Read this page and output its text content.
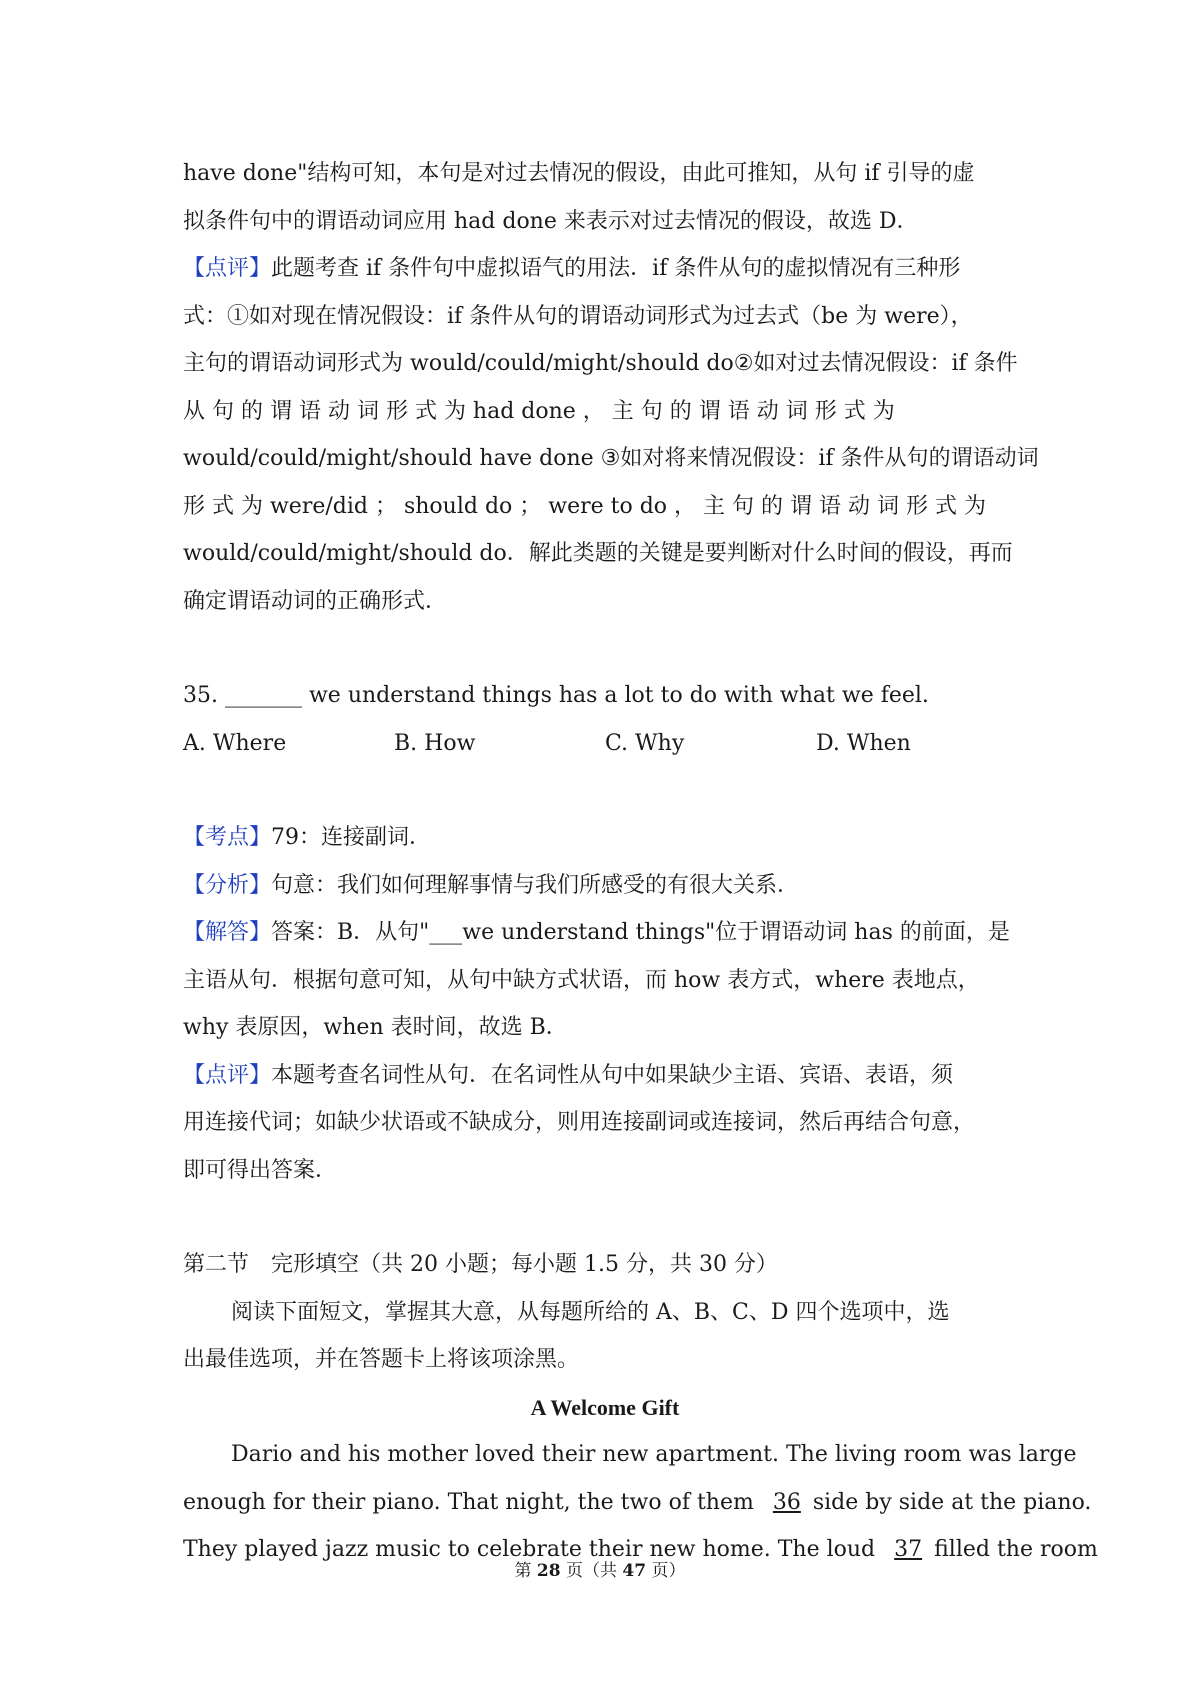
have done"结构可知，本句是对过去情况的假设，由此可推知，从句 if 引导的虚
拟条件句中的谓语动词应用 had done 来表示对过去情况的假设，故选 D．
【点评】此题考查 if 条件句中虚拟语气的用法．if 条件从句的虚拟情况有三种形
式：①如对现在情况假设：if 条件从句的谓语动词形式为过去式（be 为 were），
主句的谓语动词形式为 would/could/might/should do②如对过去情况假设：if 条件
从 句 的 谓 语 动 词 形 式 为 had done ， 主 句 的 谓 语 动 词 形 式 为
would/could/might/should have done ③如对将来情况假设：if 条件从句的谓语动词
形 式 为 were/did ； should do ； were to do ， 主 句 的 谓 语 动 词 形 式 为
would/could/might/should do．解此类题的关键是要判断对什么时间的假设，再而
确定谓语动词的正确形式．
35. _______ we understand things has a lot to do with what we feel.
A. Where	B. How	C. Why	D. When
【考点】79：连接副词．
【分析】句意：我们如何理解事情与我们所感受的有很大关系．
【解答】答案：B．从句"___we understand things"位于谓语动词 has 的前面，是
主语从句．根据句意可知，从句中缺方式状语，而 how 表方式，where 表地点，
why 表原因，when 表时间，故选 B．
【点评】本题考查名词性从句．在名词性从句中如果缺少主语、宾语、表语，须
用连接代词；如缺少状语或不缺成分，则用连接副词或连接词，然后再结合句意，
即可得出答案．
第二节　完形填空（共 20 小题；每小题 1.5 分，共 30 分）
阅读下面短文，掌握其大意，从每题所给的 A、B、C、D 四个选项中，选
出最佳选项，并在答题卡上将该项涂黑。
A Welcome Gift
Dario and his mother loved their new apartment. The living room was large
enough for their piano. That night, the two of them 36 side by side at the piano.
They played jazz music to celebrate their new home. The loud 37 filled the room
第 28 页（共 47 页）
